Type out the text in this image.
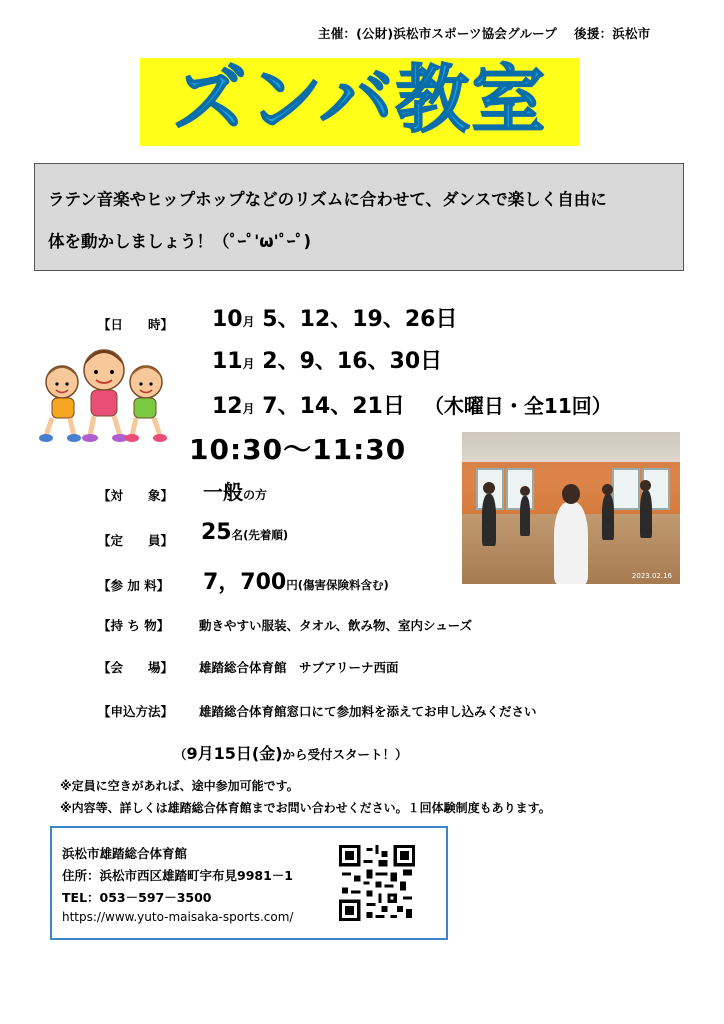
主催：(公財)浜松市スポーツ協会グループ　 後援：浜松市
ズンバ教室
ラテン音楽やヒップホップなどのリズムに合わせて、ダンスで楽しく自由に
体を動かしましょう！（ﾟｰﾟ'ω'ﾟｰﾟ)
【日　　時】 10月 5、12、19、26日
11月 2、9、16、30日
12月 7、14、21日 （木曜日・全11回）
10:30～11:30
2023.02.16
【対　　象】 一般の方
【定　　員】 25名(先着順)
【参 加 料】 7，700円(傷害保険料含む)
【持 ち 物】 動きやすい服装、タオル、飲み物、室内シューズ
【会　　場】 雄踏総合体育館　サブアリーナ西面
【申込方法】 雄踏総合体育館窓口にて参加料を添えてお申し込みください
（9月15日(金)から受付スタート！）
※定員に空きがあれば、途中参加可能です。
※内容等、詳しくは雄踏総合体育館までお問い合わせください。１回体験制度もあります。
浜松市雄踏総合体育館
住所：浜松市西区雄踏町宇布見9981－1
TEL：053－597－3500
https://www.yuto-maisaka-sports.com/
